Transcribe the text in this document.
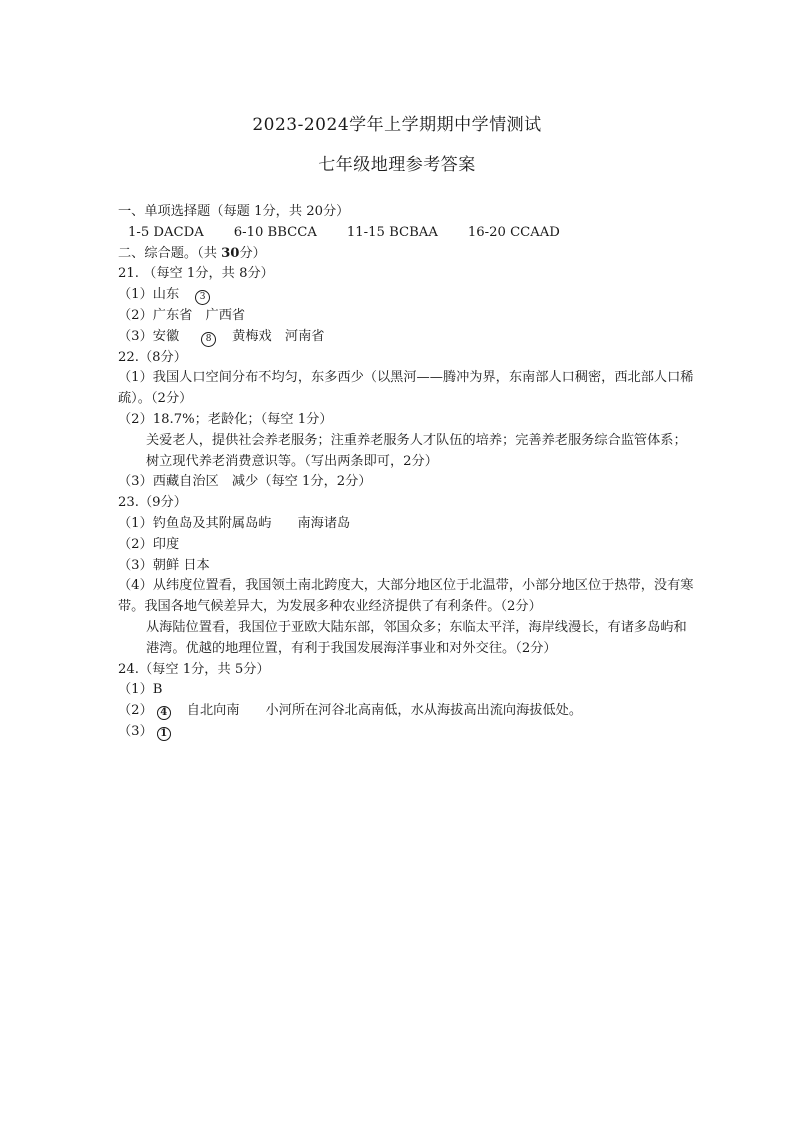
2023-2024学年上学期期中学情测试
七年级地理参考答案
一、单项选择题（每题 1分，共 20分）
1-5 DACDA 6-10 BBCCA 11-15 BCBAA 16-20 CCAAD
二、综合题。（共 30分）
21. （每空 1分，共 8分）
（1）山东 3
（2）广东省　广西省
（3）安徽	8 黄梅戏　河南省
22.（8分）
（1）我国人口空间分布不均匀，东多西少（以黑河——腾冲为界，东南部人口稠密，西北部人口稀疏）。（2分）
（2）18.7%；老龄化；（每空 1分）
关爱老人，提供社会养老服务；注重养老服务人才队伍的培养；完善养老服务综合监管体系；树立现代养老消费意识等。（写出两条即可，2分）
（3）西藏自治区　减少（每空 1分，2分）
23.（9分）
（1）钓鱼岛及其附属岛屿 南海诸岛
（2）印度
（3）朝鲜 日本
（4）从纬度位置看，我国领土南北跨度大，大部分地区位于北温带，小部分地区位于热带，没有寒带。我国各地气候差异大，为发展多种农业经济提供了有利条件。（2分）
从海陆位置看，我国位于亚欧大陆东部，邻国众多；东临太平洋，海岸线漫长，有诸多岛屿和港湾。优越的地理位置，有利于我国发展海洋事业和对外交往。（2分）
24.（每空 1分，共 5分）
（1）B
（2） 4 自北向南 小河所在河谷北高南低，水从海拔高出流向海拔低处。
（3） 1
